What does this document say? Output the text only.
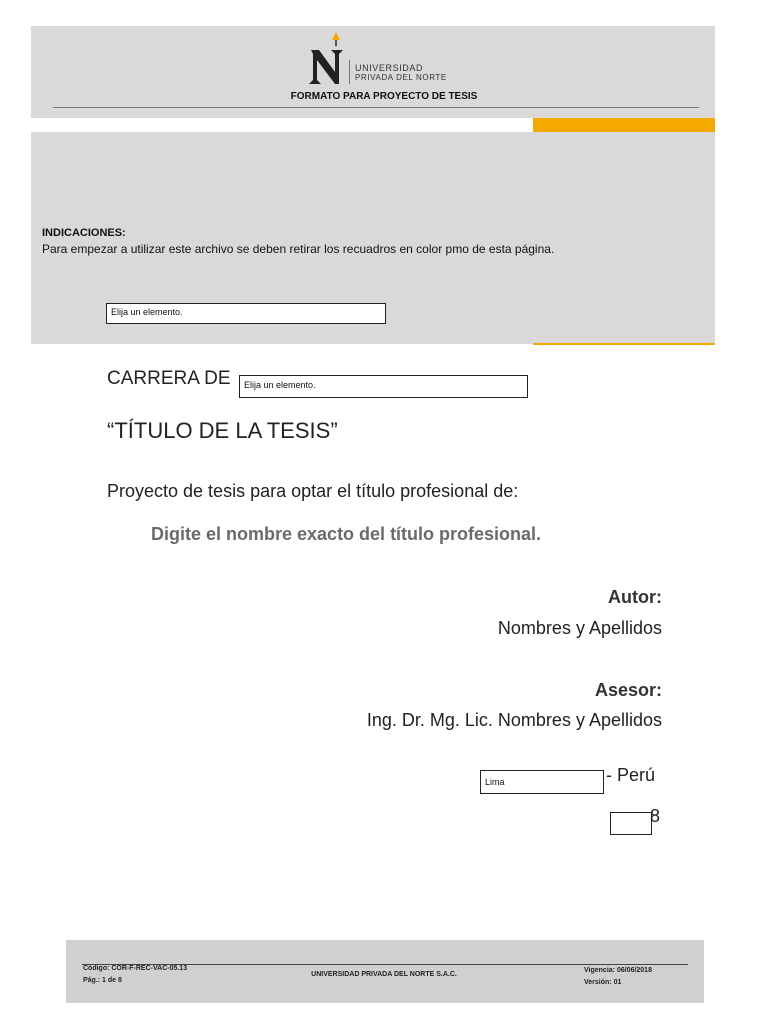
UNIVERSIDAD
PRIVADA DEL NORTE
FORMATO PARA PROYECTO DE TESIS
INDICACIONES:
Para empezar a utilizar este archivo se deben retirar los recuadros en color pmo de esta página.
Elija un elemento.
CARRERA DE	Elija un elemento.
“TÍTULO DE LA TESIS”
Proyecto de tesis para optar el título profesional de:
Digite el nombre exacto del título profesional.
Autor:
Nombres y Apellidos
Asesor:
Ing. Dr. Mg. Lic. Nombres y Apellidos
Lima	- Perú
8
Código: COR-F-REC-VAC-05.13
Pág.: 1 de 8
UNIVERSIDAD PRIVADA DEL NORTE S.A.C.
Vigencia: 06/06/2018
Versión: 01
